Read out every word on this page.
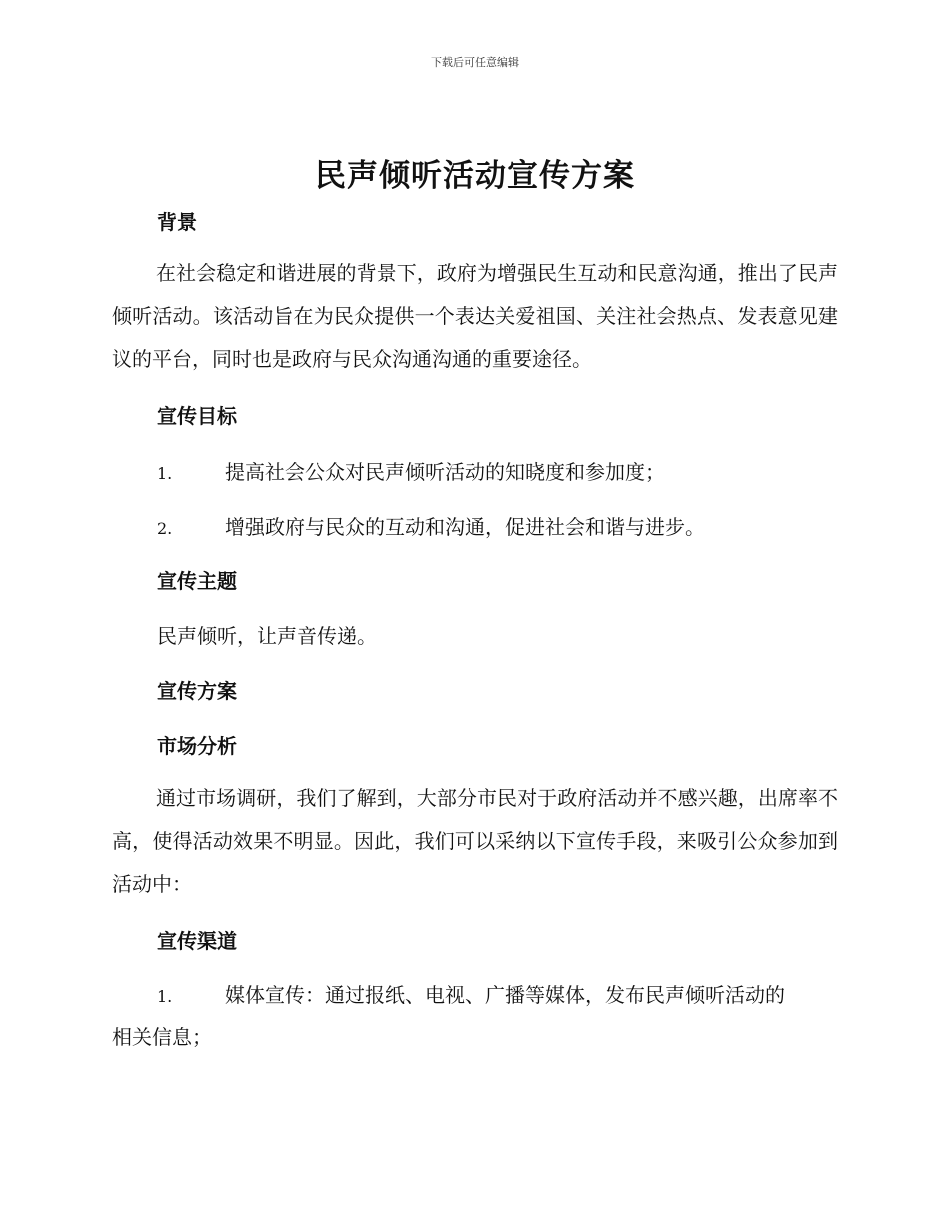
下载后可任意编辑
民声倾听活动宣传方案
背景

在社会稳定和谐进展的背景下，政府为增强民生互动和民意沟通，推出了民声倾听活动。该活动旨在为民众提供一个表达关爱祖国、关注社会热点、发表意见建议的平台，同时也是政府与民众沟通沟通的重要途径。

宣传目标
1.	提高社会公众对民声倾听活动的知晓度和参加度；
2.	增强政府与民众的互动和沟通，促进社会和谐与进步。
宣传主题

民声倾听，让声音传递。

宣传方案
市场分析

通过市场调研，我们了解到，大部分市民对于政府活动并不感兴趣，出席率不高，使得活动效果不明显。因此，我们可以采纳以下宣传手段，来吸引公众参加到活动中：

宣传渠道
1.	媒体宣传：通过报纸、电视、广播等媒体，发布民声倾听活动的

相关信息；
